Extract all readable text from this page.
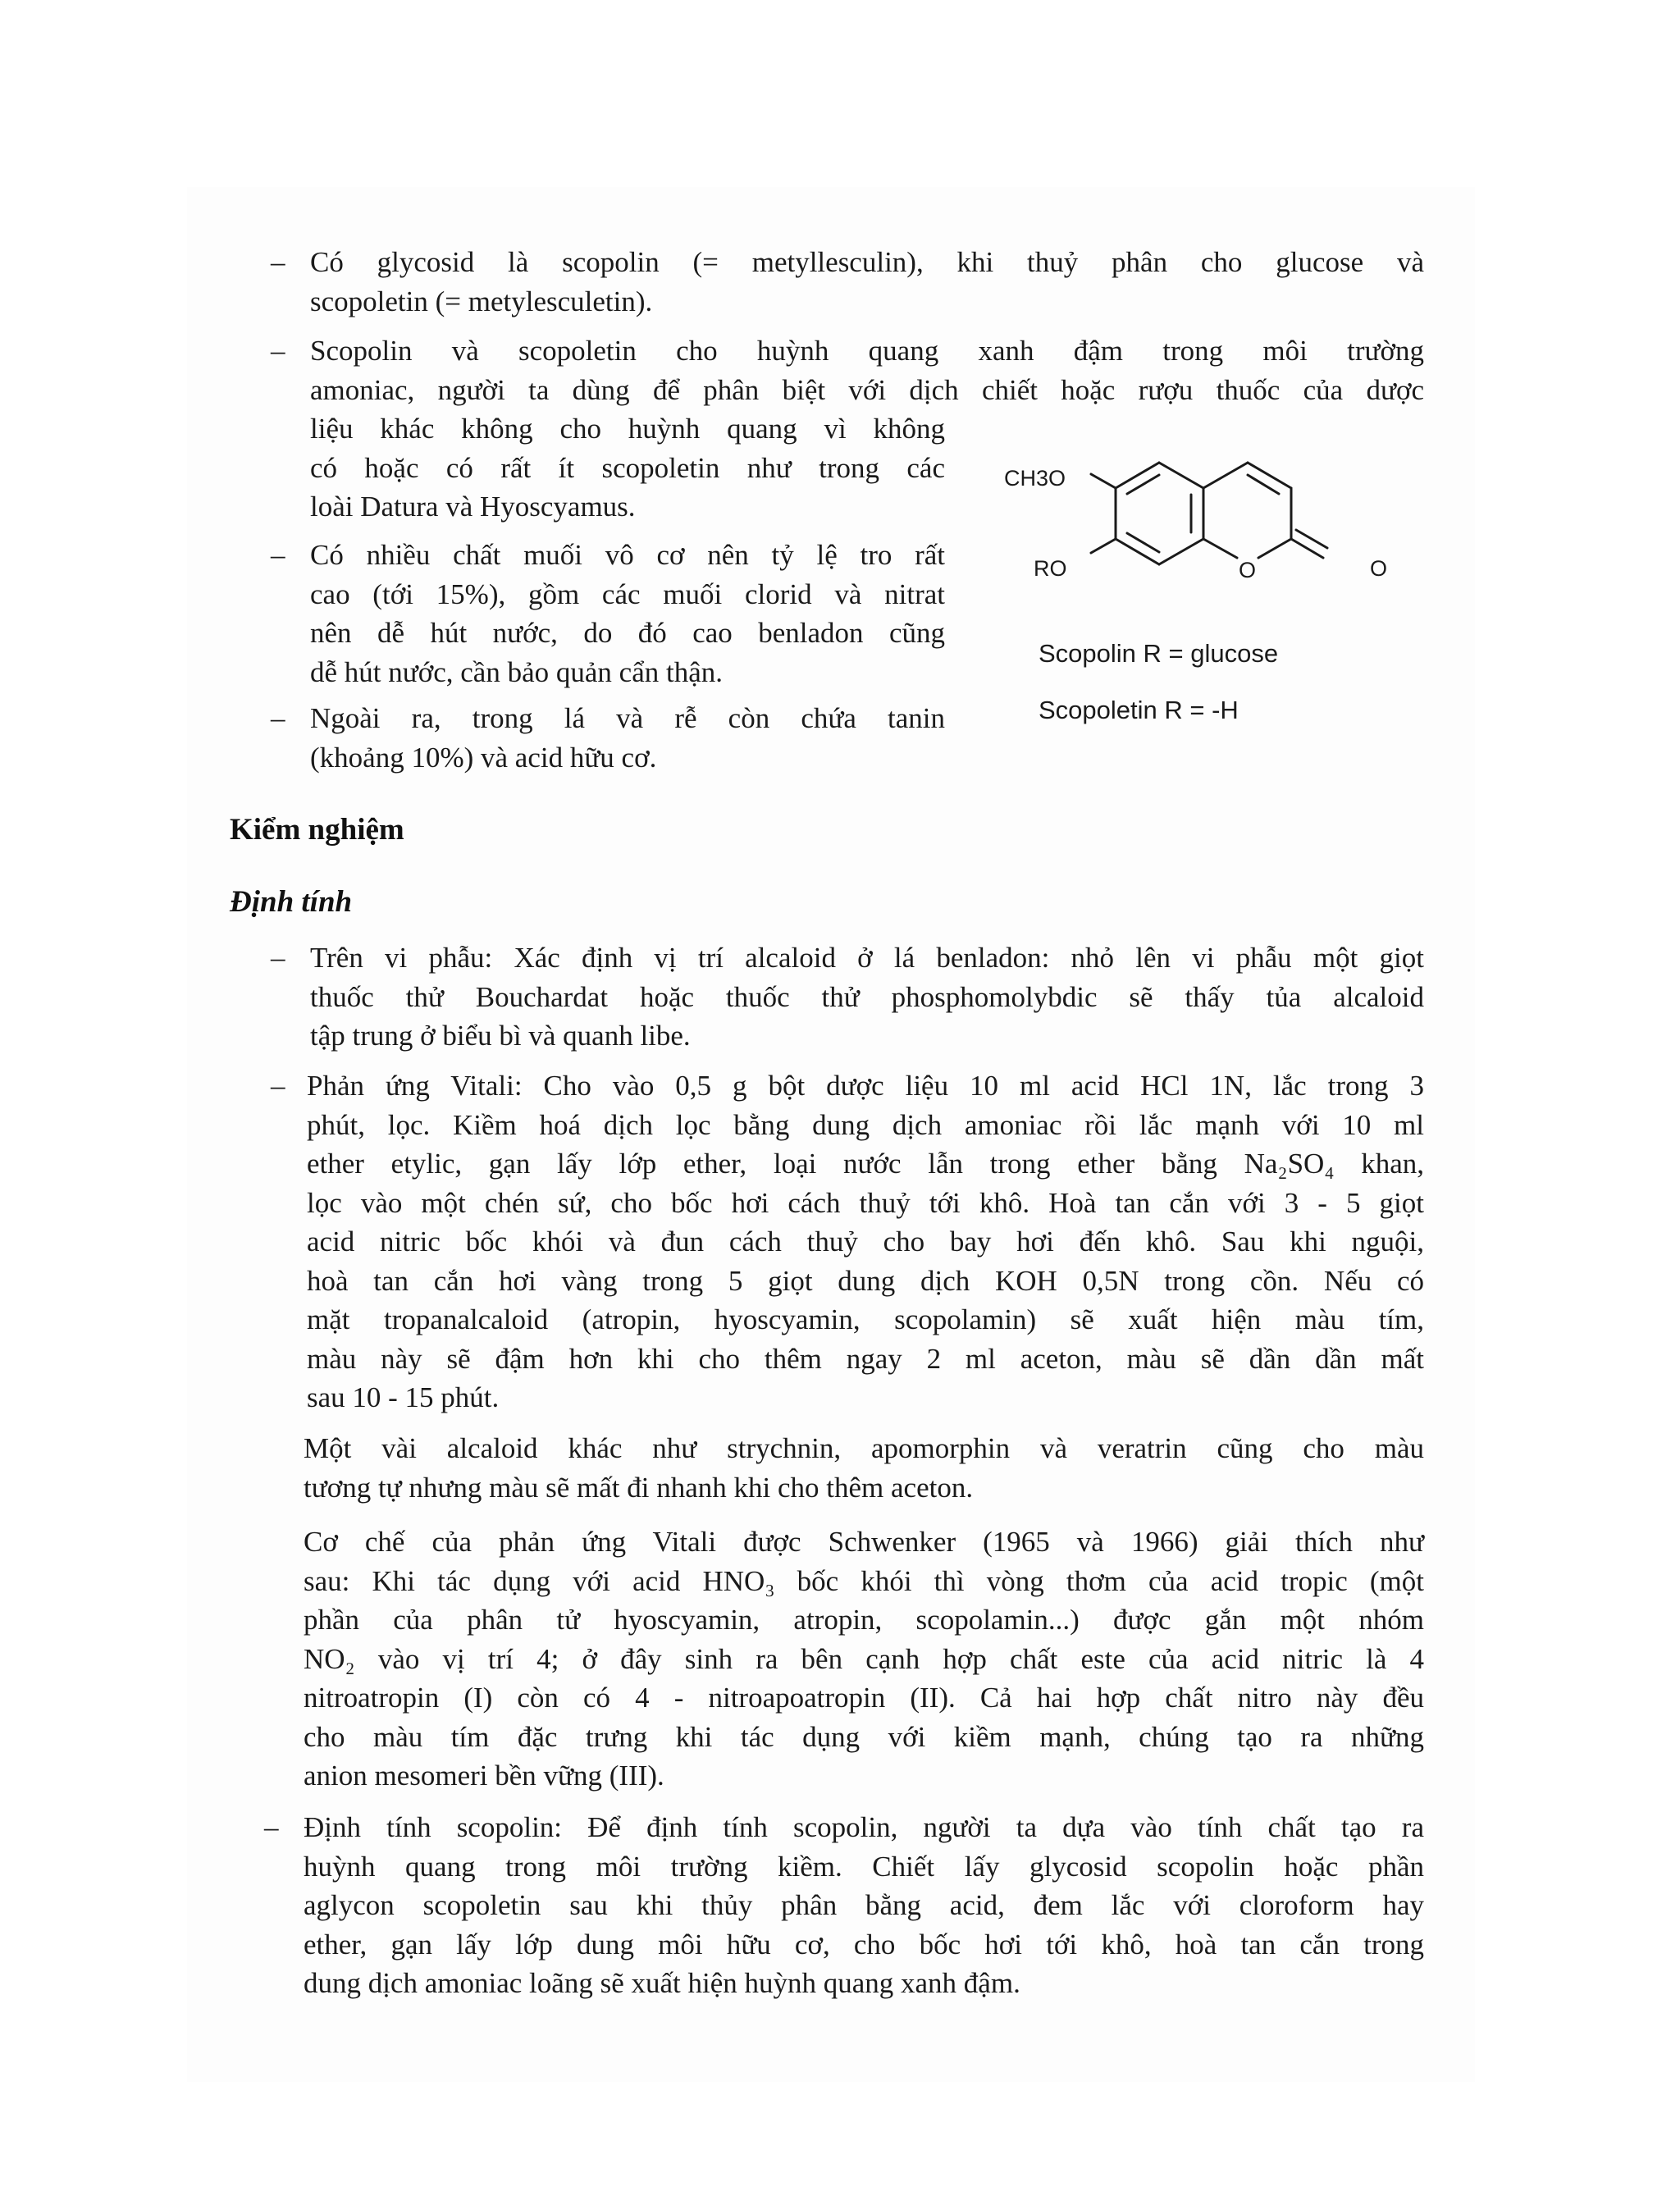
– Có glycosid là scopolin (= metyllesculin), khi thuỷ phân cho glucose và
scopoletin (= metylesculetin).
– Scopolin và scopoletin cho huỳnh quang xanh đậm trong môi trường
amoniac, người ta dùng để phân biệt với dịch chiết hoặc rượu thuốc của dược
liệu khác không cho huỳnh quang vì không
có hoặc có rất ít scopoletin như trong các
loài Datura và Hyoscyamus.
– Có nhiều chất muối vô cơ nên tỷ lệ tro rất
cao (tới 15%), gồm các muối clorid và nitrat
nên dễ hút nước, do đó cao benladon cũng
dễ hút nước, cần bảo quản cẩn thận.
– Ngoài ra, trong lá và rễ còn chứa tanin
(khoảng 10%) và acid hữu cơ.
CH3O
RO	O	O
Scopolin R = glucose
Scopoletin R = -H
Kiểm nghiệm
Định tính
– Trên vi phẫu: Xác định vị trí alcaloid ở lá benladon: nhỏ lên vi phẫu một giọt
thuốc thử Bouchardat hoặc thuốc thử phosphomolybdic sẽ thấy tủa alcaloid
tập trung ở biểu bì và quanh libe.
– Phản ứng Vitali: Cho vào 0,5 g bột dược liệu 10 ml acid HCl 1N, lắc trong 3
phút, lọc. Kiềm hoá dịch lọc bằng dung dịch amoniac rồi lắc mạnh với 10 ml
ether etylic, gạn lấy lớp ether, loại nước lẫn trong ether bằng Na₂SO₄ khan,
lọc vào một chén sứ, cho bốc hơi cách thuỷ tới khô. Hoà tan cắn với 3 - 5 giọt
acid nitric bốc khói và đun cách thuỷ cho bay hơi đến khô. Sau khi nguội,
hoà tan cắn hơi vàng trong 5 giọt dung dịch KOH 0,5N trong cồn. Nếu có
mặt tropanalcaloid (atropin, hyoscyamin, scopolamin) sẽ xuất hiện màu tím,
màu này sẽ đậm hơn khi cho thêm ngay 2 ml aceton, màu sẽ dần dần mất
sau 10 - 15 phút.
Một vài alcaloid khác như strychnin, apomorphin và veratrin cũng cho màu
tương tự nhưng màu sẽ mất đi nhanh khi cho thêm aceton.
Cơ chế của phản ứng Vitali được Schwenker (1965 và 1966) giải thích như
sau: Khi tác dụng với acid HNO₃ bốc khói thì vòng thơm của acid tropic (một
phần của phân tử hyoscyamin, atropin, scopolamin...) được gắn một nhóm
NO₂ vào vị trí 4; ở đây sinh ra bên cạnh hợp chất este của acid nitric là 4
nitroatropin (I) còn có 4 - nitroapoatropin (II). Cả hai hợp chất nitro này đều
cho màu tím đặc trưng khi tác dụng với kiềm mạnh, chúng tạo ra những
anion mesomeri bền vững (III).
– Định tính scopolin: Để định tính scopolin, người ta dựa vào tính chất tạo ra
huỳnh quang trong môi trường kiềm. Chiết lấy glycosid scopolin hoặc phần
aglycon scopoletin sau khi thủy phân bằng acid, đem lắc với cloroform hay
ether, gạn lấy lớp dung môi hữu cơ, cho bốc hơi tới khô, hoà tan cắn trong
dung dịch amoniac loãng sẽ xuất hiện huỳnh quang xanh đậm.
